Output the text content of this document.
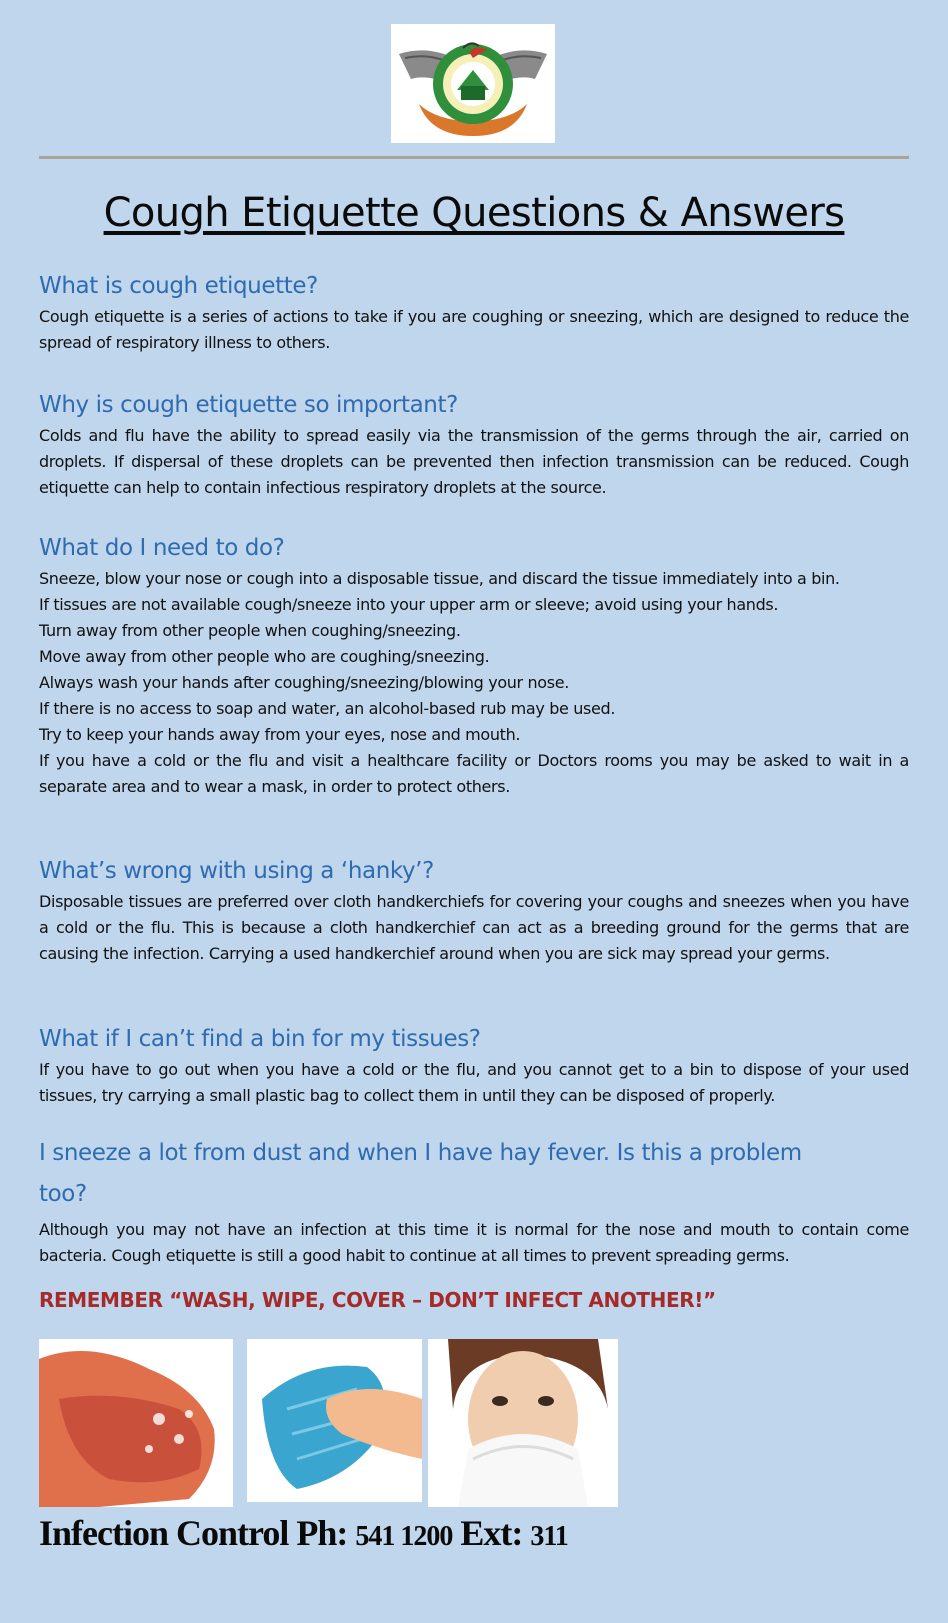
Cough Etiquette Questions & Answers
What is cough etiquette?

Cough etiquette is a series of actions to take if you are coughing or sneezing, which are designed to reduce the spread of respiratory illness to others.

Why is cough etiquette so important?

Colds and flu have the ability to spread easily via the transmission of the germs through the air, carried on droplets. If dispersal of these droplets can be prevented then infection transmission can be reduced. Cough etiquette can help to contain infectious respiratory droplets at the source.

What do I need to do?

Sneeze, blow your nose or cough into a disposable tissue, and discard the tissue immediately into a bin.

If tissues are not available cough/sneeze into your upper arm or sleeve; avoid using your hands.
Turn away from other people when coughing/sneezing.
Move away from other people who are coughing/sneezing.
Always wash your hands after coughing/sneezing/blowing your nose.
If there is no access to soap and water, an alcohol-based rub may be used.
Try to keep your hands away from your eyes, nose and mouth.

If you have a cold or the flu and visit a healthcare facility or Doctors rooms you may be asked to wait in a separate area and to wear a mask, in order to protect others.

What’s wrong with using a ‘hanky’?

Disposable tissues are preferred over cloth handkerchiefs for covering your coughs and sneezes when you have a cold or the flu. This is because a cloth handkerchief can act as a breeding ground for the germs that are causing the infection. Carrying a used handkerchief around when you are sick may spread your germs.

What if I can’t find a bin for my tissues?

If you have to go out when you have a cold or the flu, and you cannot get to a bin to dispose of your used tissues, try carrying a small plastic bag to collect them in until they can be disposed of properly.

I sneeze a lot from dust and when I have hay fever. Is this a problem too?

Although you may not have an infection at this time it is normal for the nose and mouth to contain come bacteria. Cough etiquette is still a good habit to continue at all times to prevent spreading germs.

REMEMBER “WASH, WIPE, COVER – DON’T INFECT ANOTHER!”
Infection Control Ph: 541 1200 Ext: 311
